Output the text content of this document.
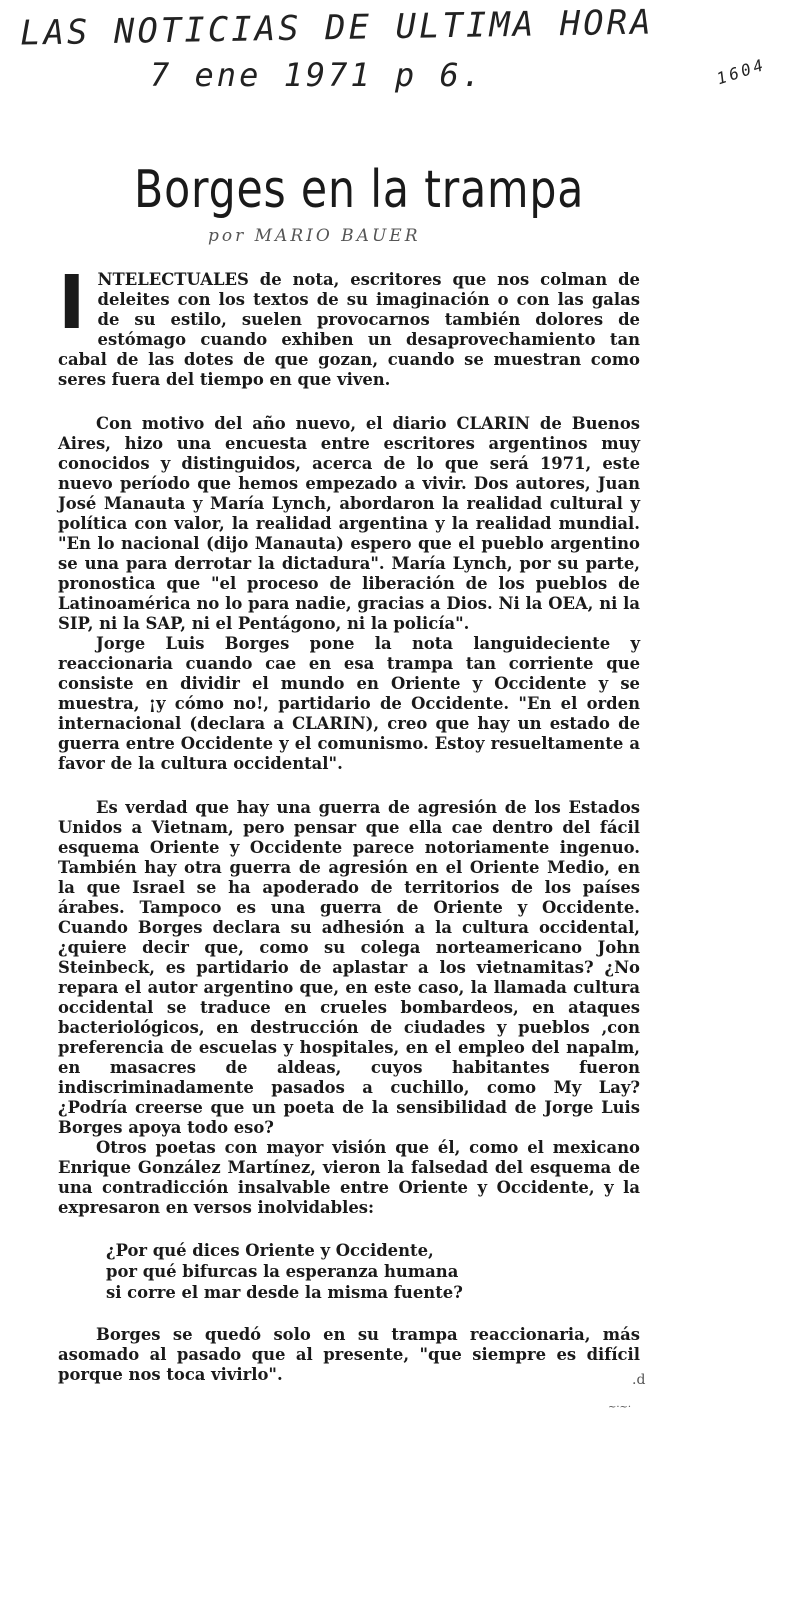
LAS NOTICIAS DE ULTIMA HORA
7 ene 1971 p 6.	1604
Borges en la trampa
por MARIO BAUER

INTELECTUALES de nota, escritores que nos colman de deleites con los textos de su imaginación o con las galas de su estilo, suelen provocarnos también dolores de estómago cuando exhiben un desaprovechamiento tan cabal de las dotes de que gozan, cuando se muestran como seres fuera del tiempo en que viven.

Con motivo del año nuevo, el diario CLARIN de Buenos Aires, hizo una encuesta entre escritores argentinos muy conocidos y distinguidos, acerca de lo que será 1971, este nuevo período que hemos empezado a vivir. Dos autores, Juan José Manauta y María Lynch, abordaron la realidad cultural y política con valor, la realidad argentina y la realidad mundial. "En lo nacional (dijo Manauta) espero que el pueblo argentino se una para derrotar la dictadura". María Lynch, por su parte, pronostica que "el proceso de liberación de los pueblos de Latinoamérica no lo para nadie, gracias a Dios. Ni la OEA, ni la SIP, ni la SAP, ni el Pentágono, ni la policía".

Jorge Luis Borges pone la nota languideciente y reaccionaria cuando cae en esa trampa tan corriente que consiste en dividir el mundo en Oriente y Occidente y se muestra, ¡y cómo no!, partidario de Occidente. "En el orden internacional (declara a CLARIN), creo que hay un estado de guerra entre Occidente y el comunismo. Estoy resueltamente a favor de la cultura occidental".

Es verdad que hay una guerra de agresión de los Estados Unidos a Vietnam, pero pensar que ella cae dentro del fácil esquema Oriente y Occidente parece notoriamente ingenuo. También hay otra guerra de agresión en el Oriente Medio, en la que Israel se ha apoderado de territorios de los países árabes. Tampoco es una guerra de Oriente y Occidente. Cuando Borges declara su adhesión a la cultura occidental, ¿quiere decir que, como su colega norteamericano John Steinbeck, es partidario de aplastar a los vietnamitas? ¿No repara el autor argentino que, en este caso, la llamada cultura occidental se traduce en crueles bombardeos, en ataques bacteriológicos, en destrucción de ciudades y pueblos ,con preferencia de escuelas y hospitales, en el empleo del napalm, en masacres de aldeas, cuyos habitantes fueron indiscriminadamente pasados a cuchillo, como My Lay? ¿Podría creerse que un poeta de la sensibilidad de Jorge Luis Borges apoya todo eso?

Otros poetas con mayor visión que él, como el mexicano Enrique González Martínez, vieron la falsedad del esquema de una contradicción insalvable entre Oriente y Occidente, y la expresaron en versos inolvidables:

¿Por qué dices Oriente y Occidente,
por qué bifurcas la esperanza humana
si corre el mar desde la misma fuente?

Borges se quedó solo en su trampa reaccionaria, más asomado al pasado que al presente, "que siempre es difícil porque nos toca vivirlo".	.d
~·~·
